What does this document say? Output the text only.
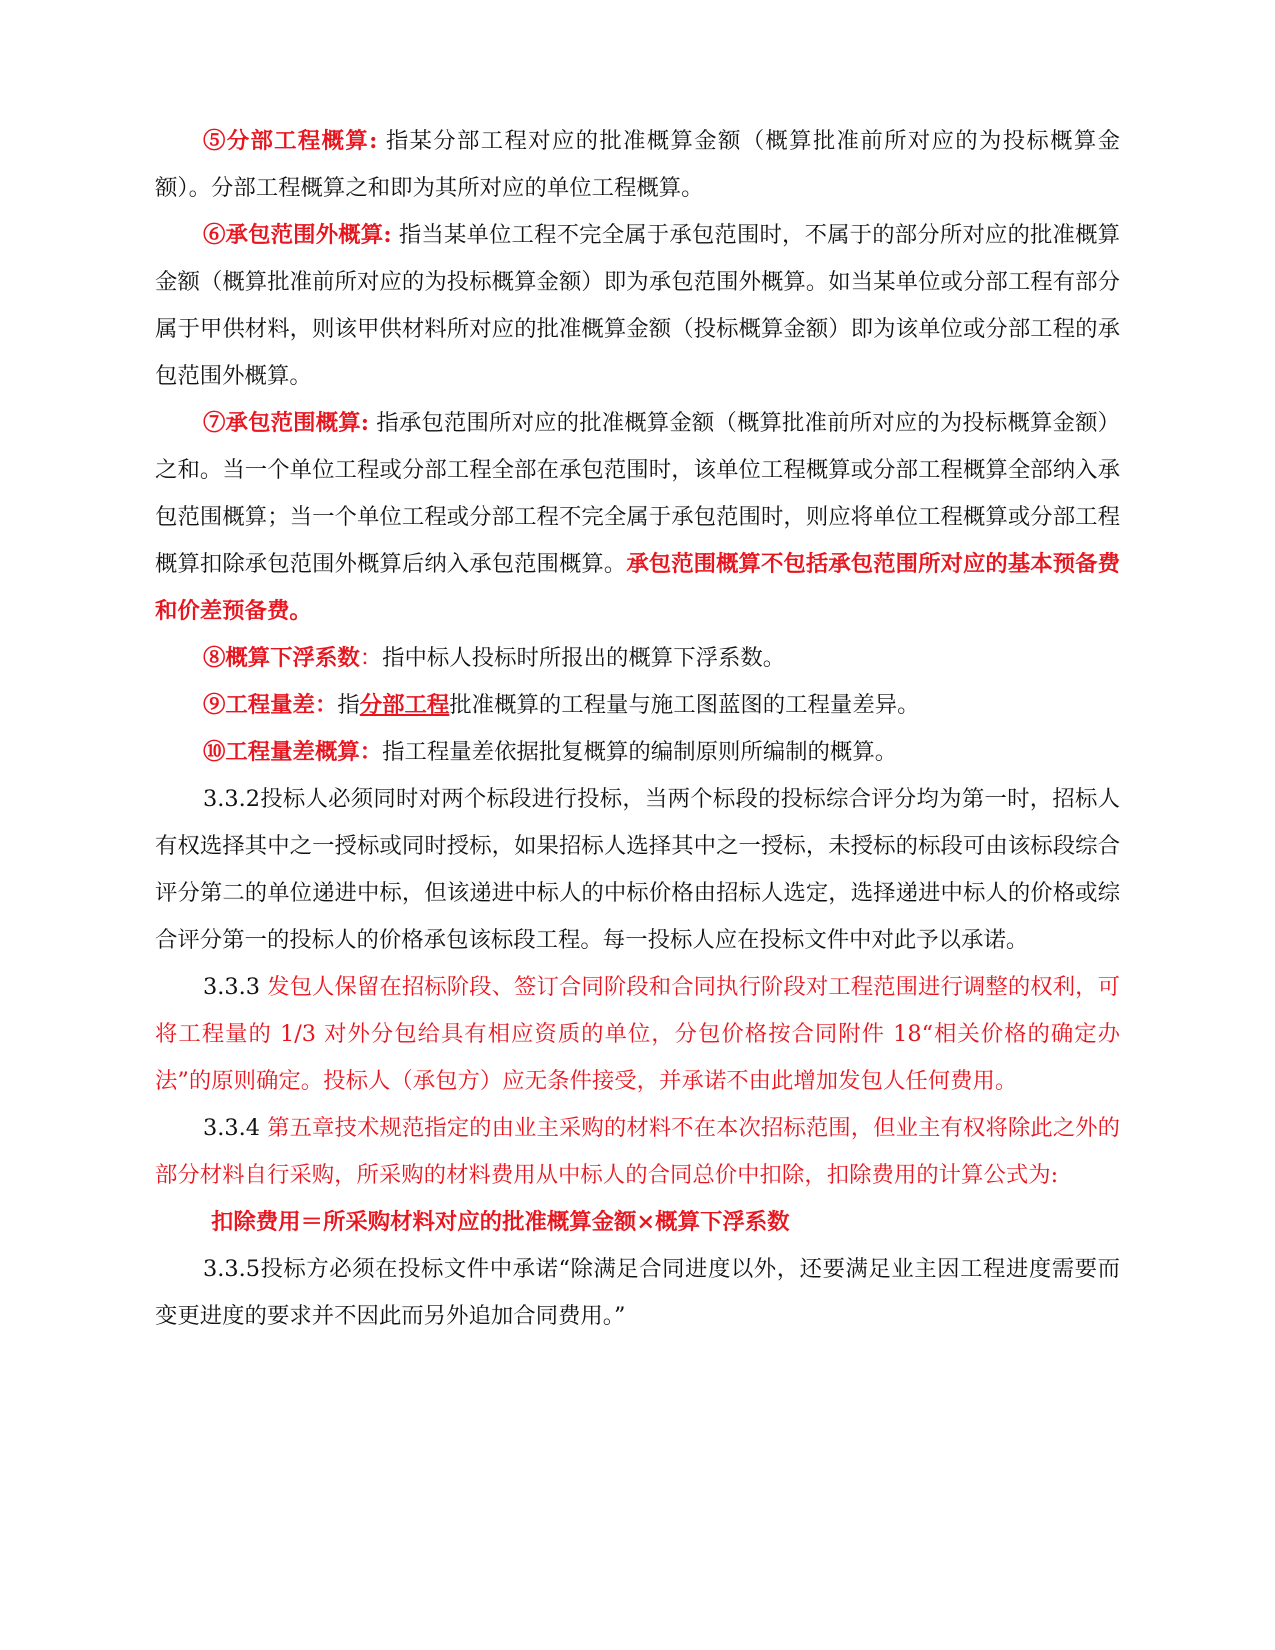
⑤分部工程概算: 指某分部工程对应的批准概算金额（概算批准前所对应的为投标概算金额）。分部工程概算之和即为其所对应的单位工程概算。

⑥承包范围外概算: 指当某单位工程不完全属于承包范围时，不属于的部分所对应的批准概算金额（概算批准前所对应的为投标概算金额）即为承包范围外概算。如当某单位或分部工程有部分属于甲供材料，则该甲供材料所对应的批准概算金额（投标概算金额）即为该单位或分部工程的承包范围外概算。

⑦承包范围概算: 指承包范围所对应的批准概算金额（概算批准前所对应的为投标概算金额）之和。当一个单位工程或分部工程全部在承包范围时，该单位工程概算或分部工程概算全部纳入承包范围概算；当一个单位工程或分部工程不完全属于承包范围时，则应将单位工程概算或分部工程概算扣除承包范围外概算后纳入承包范围概算。承包范围概算不包括承包范围所对应的基本预备费和价差预备费。

⑧概算下浮系数：指中标人投标时所报出的概算下浮系数。

⑨工程量差：指分部工程批准概算的工程量与施工图蓝图的工程量差异。

⑩工程量差概算：指工程量差依据批复概算的编制原则所编制的概算。

3.3.2投标人必须同时对两个标段进行投标，当两个标段的投标综合评分均为第一时，招标人有权选择其中之一授标或同时授标，如果招标人选择其中之一授标，未授标的标段可由该标段综合评分第二的单位递进中标，但该递进中标人的中标价格由招标人选定，选择递进中标人的价格或综合评分第一的投标人的价格承包该标段工程。每一投标人应在投标文件中对此予以承诺。

3.3.3 发包人保留在招标阶段、签订合同阶段和合同执行阶段对工程范围进行调整的权利，可将工程量的 1/3 对外分包给具有相应资质的单位，分包价格按合同附件 18“相关价格的确定办法”的原则确定。投标人（承包方）应无条件接受，并承诺不由此增加发包人任何费用。

3.3.4 第五章技术规范指定的由业主采购的材料不在本次招标范围，但业主有权将除此之外的部分材料自行采购，所采购的材料费用从中标人的合同总价中扣除，扣除费用的计算公式为:

扣除费用＝所采购材料对应的批准概算金额×概算下浮系数

3.3.5投标方必须在投标文件中承诺“除满足合同进度以外，还要满足业主因工程进度需要而变更进度的要求并不因此而另外追加合同费用。”
